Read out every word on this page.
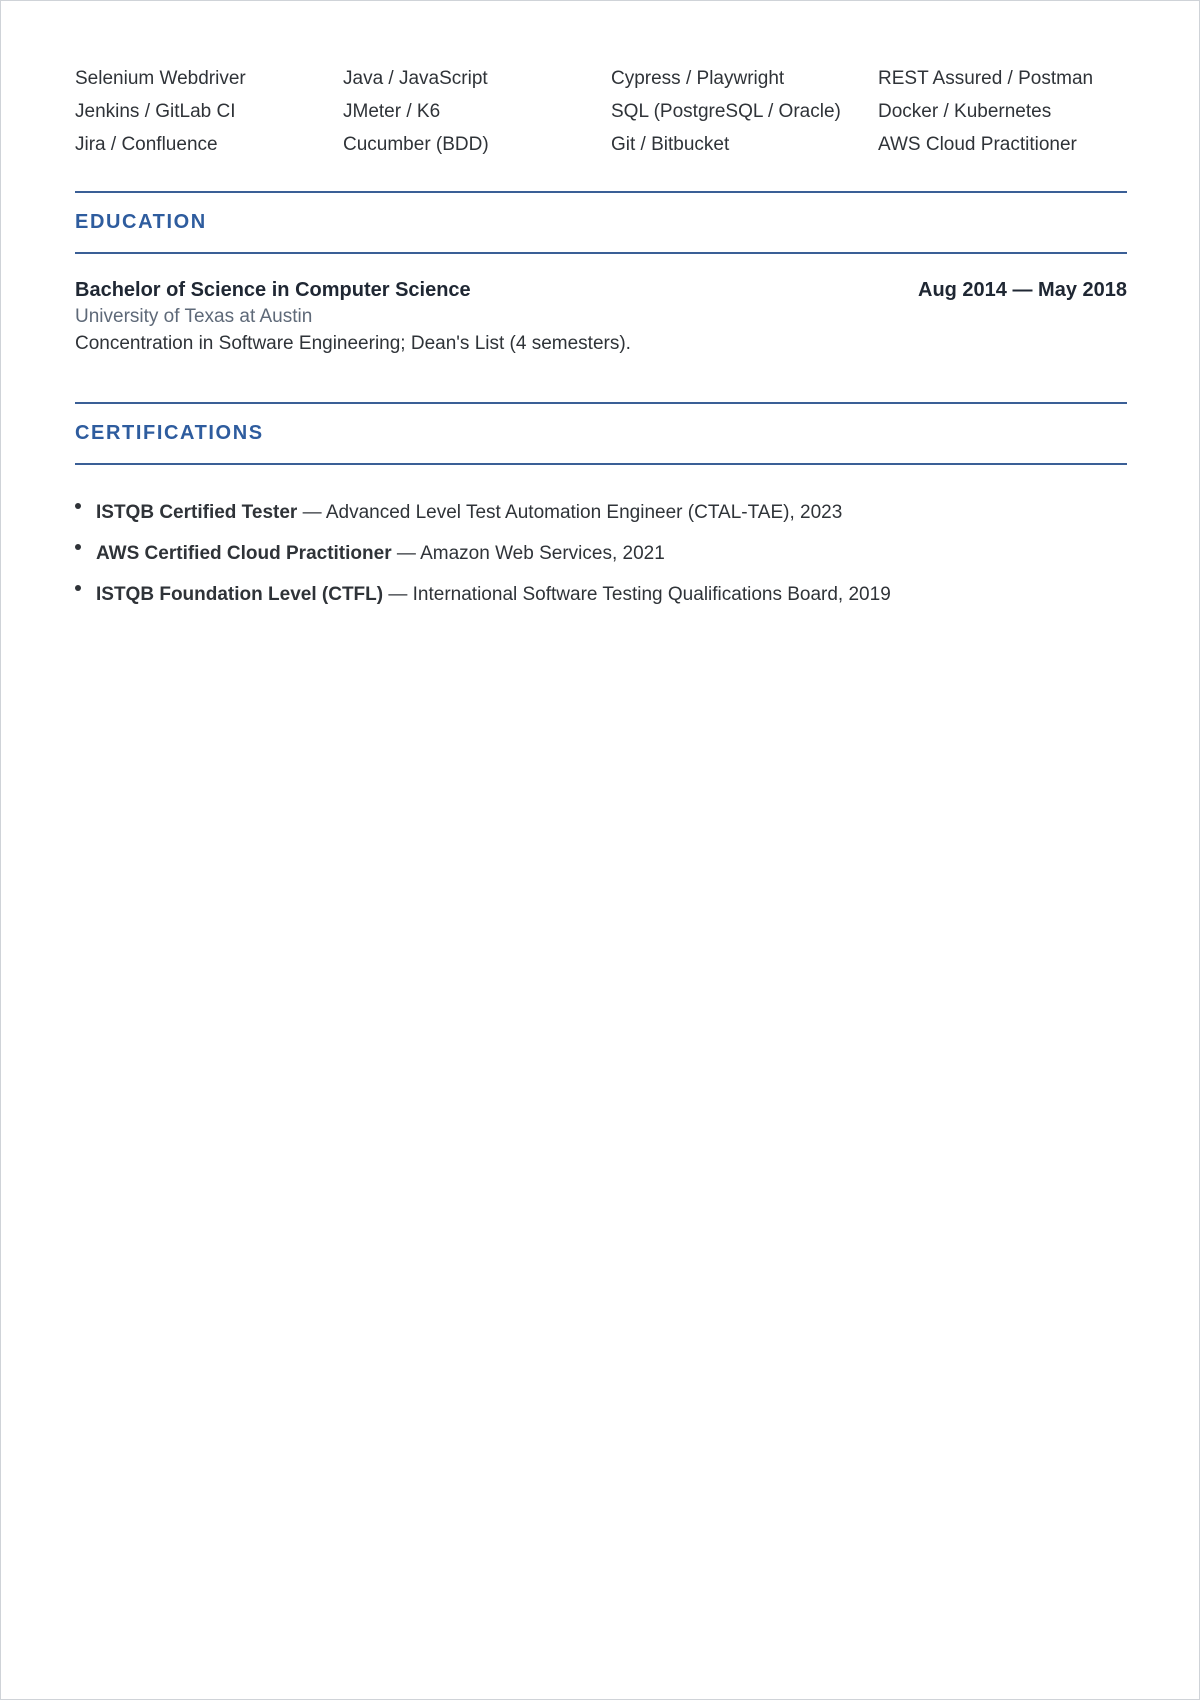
Selenium Webdriver	Java / JavaScript	Cypress / Playwright	REST Assured / Postman
Jenkins / GitLab CI	JMeter / K6	SQL (PostgreSQL / Oracle)	Docker / Kubernetes
Jira / Confluence	Cucumber (BDD)	Git / Bitbucket	AWS Cloud Practitioner
EDUCATION
Bachelor of Science in Computer Science	Aug 2014 — May 2018
University of Texas at Austin
Concentration in Software Engineering; Dean's List (4 semesters).
CERTIFICATIONS
ISTQB Certified Tester — Advanced Level Test Automation Engineer (CTAL-TAE), 2023
AWS Certified Cloud Practitioner — Amazon Web Services, 2021
ISTQB Foundation Level (CTFL) — International Software Testing Qualifications Board, 2019
